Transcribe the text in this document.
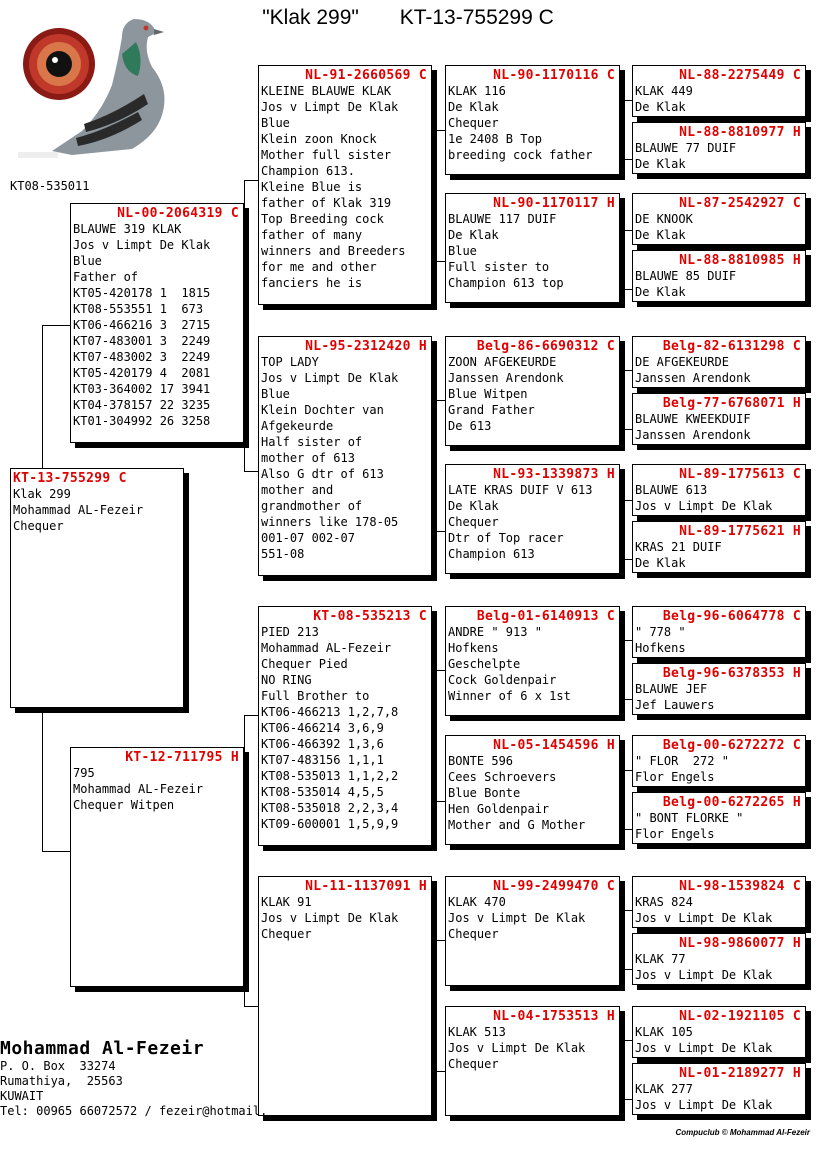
"Klak 299" KT-13-755299 C
KT08-535011
KT-13-755299 C
Klak 299
Mohammad AL-Fezeir
Chequer
NL-00-2064319 C
BLAUWE 319 KLAK
Jos v Limpt De Klak
Blue
Father of
KT05-420178 1  1815
KT08-553551 1  673
KT06-466216 3  2715
KT07-483001 3  2249
KT07-483002 3  2249
KT05-420179 4  2081
KT03-364002 17 3941
KT04-378157 22 3235
KT01-304992 26 3258
KT-12-711795 H
795
Mohammad AL-Fezeir
Chequer Witpen
NL-91-2660569 C
KLEINE BLAUWE KLAK
Jos v Limpt De Klak
Blue
Klein zoon Knock
Mother full sister
Champion 613.
Kleine Blue is
father of Klak 319
Top Breeding cock
father of many
winners and Breeders
for me and other
fanciers he is
NL-95-2312420 H
TOP LADY
Jos v Limpt De Klak
Blue
Klein Dochter van
Afgekeurde
Half sister of
mother of 613
Also G dtr of 613
mother and
grandmother of
winners like 178-05
001-07 002-07
551-08
KT-08-535213 C
PIED 213
Mohammad AL-Fezeir
Chequer Pied
NO RING
Full Brother to
KT06-466213 1,2,7,8
KT06-466214 3,6,9
KT06-466392 1,3,6
KT07-483156 1,1,1
KT08-535013 1,1,2,2
KT08-535014 4,5,5
KT08-535018 2,2,3,4
KT09-600001 1,5,9,9
NL-11-1137091 H
KLAK 91
Jos v Limpt De Klak
Chequer
NL-90-1170116 C
KLAK 116
De Klak
Chequer
1e 2408 B Top
breeding cock father
NL-90-1170117 H
BLAUWE 117 DUIF
De Klak
Blue
Full sister to
Champion 613 top
Belg-86-6690312 C
ZOON AFGEKEURDE
Janssen Arendonk
Blue Witpen
Grand Father
De 613
NL-93-1339873 H
LATE KRAS DUIF V 613
De Klak
Chequer
Dtr of Top racer
Champion 613
Belg-01-6140913 C
ANDRE " 913 "
Hofkens
Geschelpte
Cock Goldenpair
Winner of 6 x 1st
NL-05-1454596 H
BONTE 596
Cees Schroevers
Blue Bonte
Hen Goldenpair
Mother and G Mother
NL-99-2499470 C
KLAK 470
Jos v Limpt De Klak
Chequer
NL-04-1753513 H
KLAK 513
Jos v Limpt De Klak
Chequer
NL-88-2275449 C
KLAK 449
De Klak
NL-88-8810977 H
BLAUWE 77 DUIF
De Klak
NL-87-2542927 C
DE KNOOK
De Klak
NL-88-8810985 H
BLAUWE 85 DUIF
De Klak
Belg-82-6131298 C
DE AFGEKEURDE
Janssen Arendonk
Belg-77-6768071 H
BLAUWE KWEEKDUIF
Janssen Arendonk
NL-89-1775613 C
BLAUWE 613
Jos v Limpt De Klak
NL-89-1775621 H
KRAS 21 DUIF
De Klak
Belg-96-6064778 C
" 778 "
Hofkens
Belg-96-6378353 H
BLAUWE JEF
Jef Lauwers
Belg-00-6272272 C
" FLOR  272 "
Flor Engels
Belg-00-6272265 H
" BONT FLORKE "
Flor Engels
NL-98-1539824 C
KRAS 824
Jos v Limpt De Klak
NL-98-9860077 H
KLAK 77
Jos v Limpt De Klak
NL-02-1921105 C
KLAK 105
Jos v Limpt De Klak
NL-01-2189277 H
KLAK 277
Jos v Limpt De Klak
Mohammad Al-Fezeir
P. O. Box  33274
Rumathiya,  25563
KUWAIT
Tel: 00965 66072572 / fezeir@hotmail.
Compuclub © Mohammad Al-Fezeir
